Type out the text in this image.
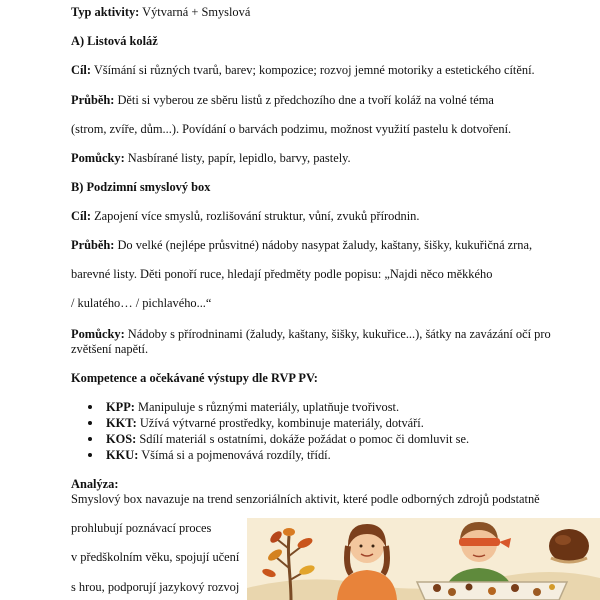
Typ aktivity: Výtvarná + Smyslová
A) Listová koláž
Cíl: Všímání si různých tvarů, barev; kompozice; rozvoj jemné motoriky a estetického cítění.
Průběh: Děti si vyberou ze sběru listů z předchozího dne a tvoří koláž na volné téma
(strom, zvíře, dům...). Povídání o barvách podzimu, možnost využití pastelu k dotvoření.
Pomůcky: Nasbírané listy, papír, lepidlo, barvy, pastely.
B) Podzimní smyslový box
Cíl: Zapojení více smyslů, rozlišování struktur, vůní, zvuků přírodnin.
Průběh: Do velké (nejlépe průsvitné) nádoby nasypat žaludy, kaštany, šišky, kukuřičná zrna,
barevné listy. Děti ponoří ruce, hledají předměty podle popisu: „Najdi něco měkkého
/ kulatého… / pichlavého...“
Pomůcky: Nádoby s přírodninami (žaludy, kaštany, šišky, kukuřice...), šátky na zavázání očí pro
zvětšení napětí.
Kompetence a očekávané výstupy dle RVP PV:
KPP: Manipuluje s různými materiály, uplatňuje tvořivost.
KKT: Užívá výtvarné prostředky, kombinuje materiály, dotváří.
KOS: Sdílí materiál s ostatními, dokáže požádat o pomoc či domluvit se.
KKU: Všímá si a pojmenovává rozdíly, třídí.
Analýza:
Smyslový box navazuje na trend senzoriálních aktivit, které podle odborných zdrojů podstatně
prohlubují poznávací proces
v předškolním věku, spojují učení
s hrou, podporují jazykový rozvoj
